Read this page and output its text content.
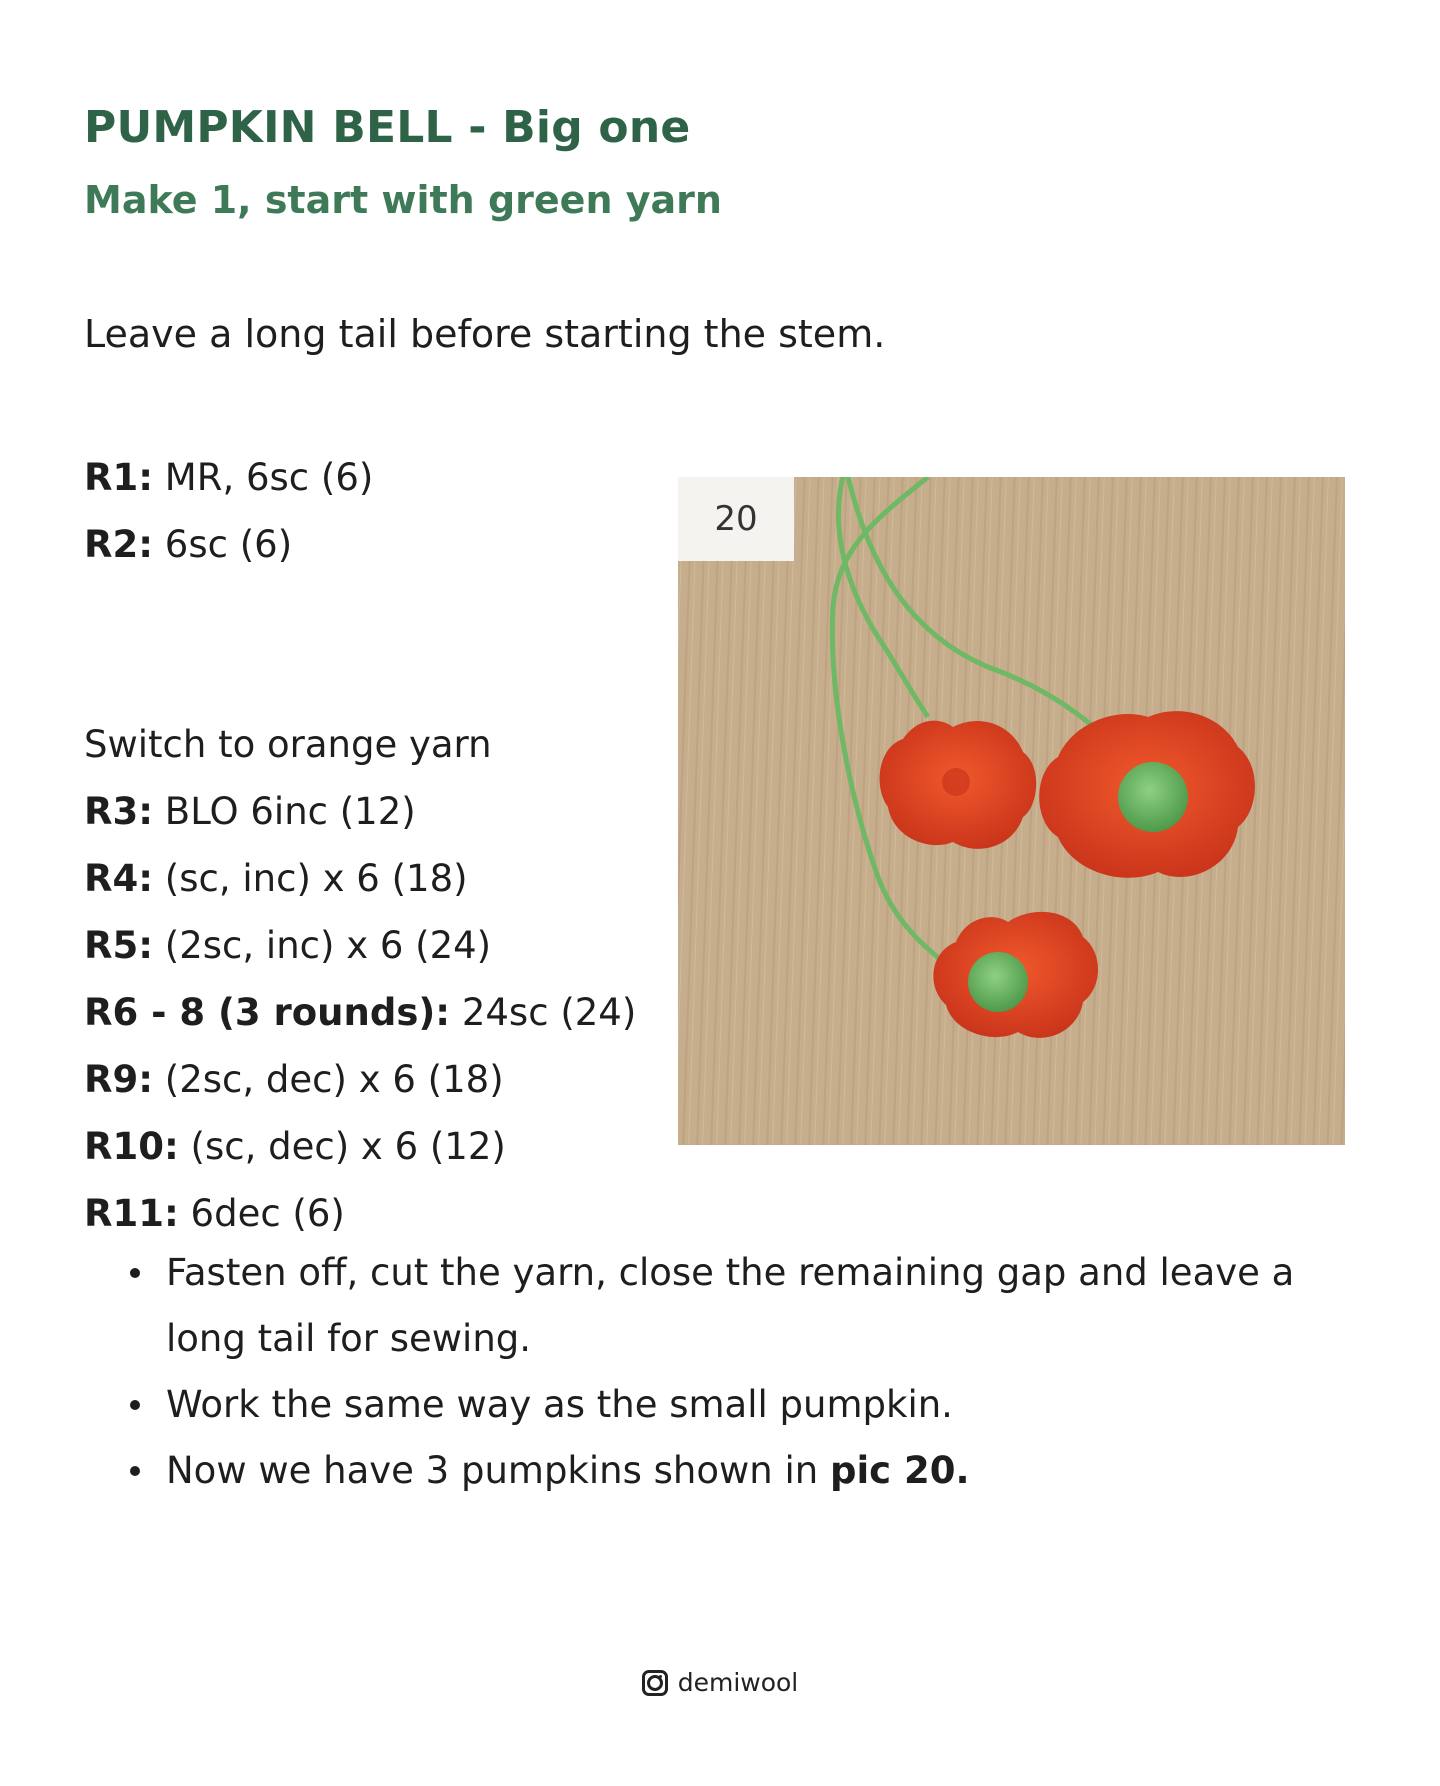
PUMPKIN BELL - Big one
Make 1, start with green yarn

Leave a long tail before starting the stem.

R1: MR, 6sc (6)
R2: 6sc (6)
Switch to orange yarn
R3: BLO 6inc (12)
R4: (sc, inc) x 6 (18)
R5: (2sc, inc) x 6 (24)
R6 - 8 (3 rounds): 24sc (24)
R9: (2sc, dec) x 6 (18)
R10: (sc, dec) x 6 (12)
R11: 6dec (6)
20
Fasten off, cut the yarn, close the remaining gap and leave a long tail for sewing.
Work the same way as the small pumpkin.
Now we have 3 pumpkins shown in pic 20.
demiwool
